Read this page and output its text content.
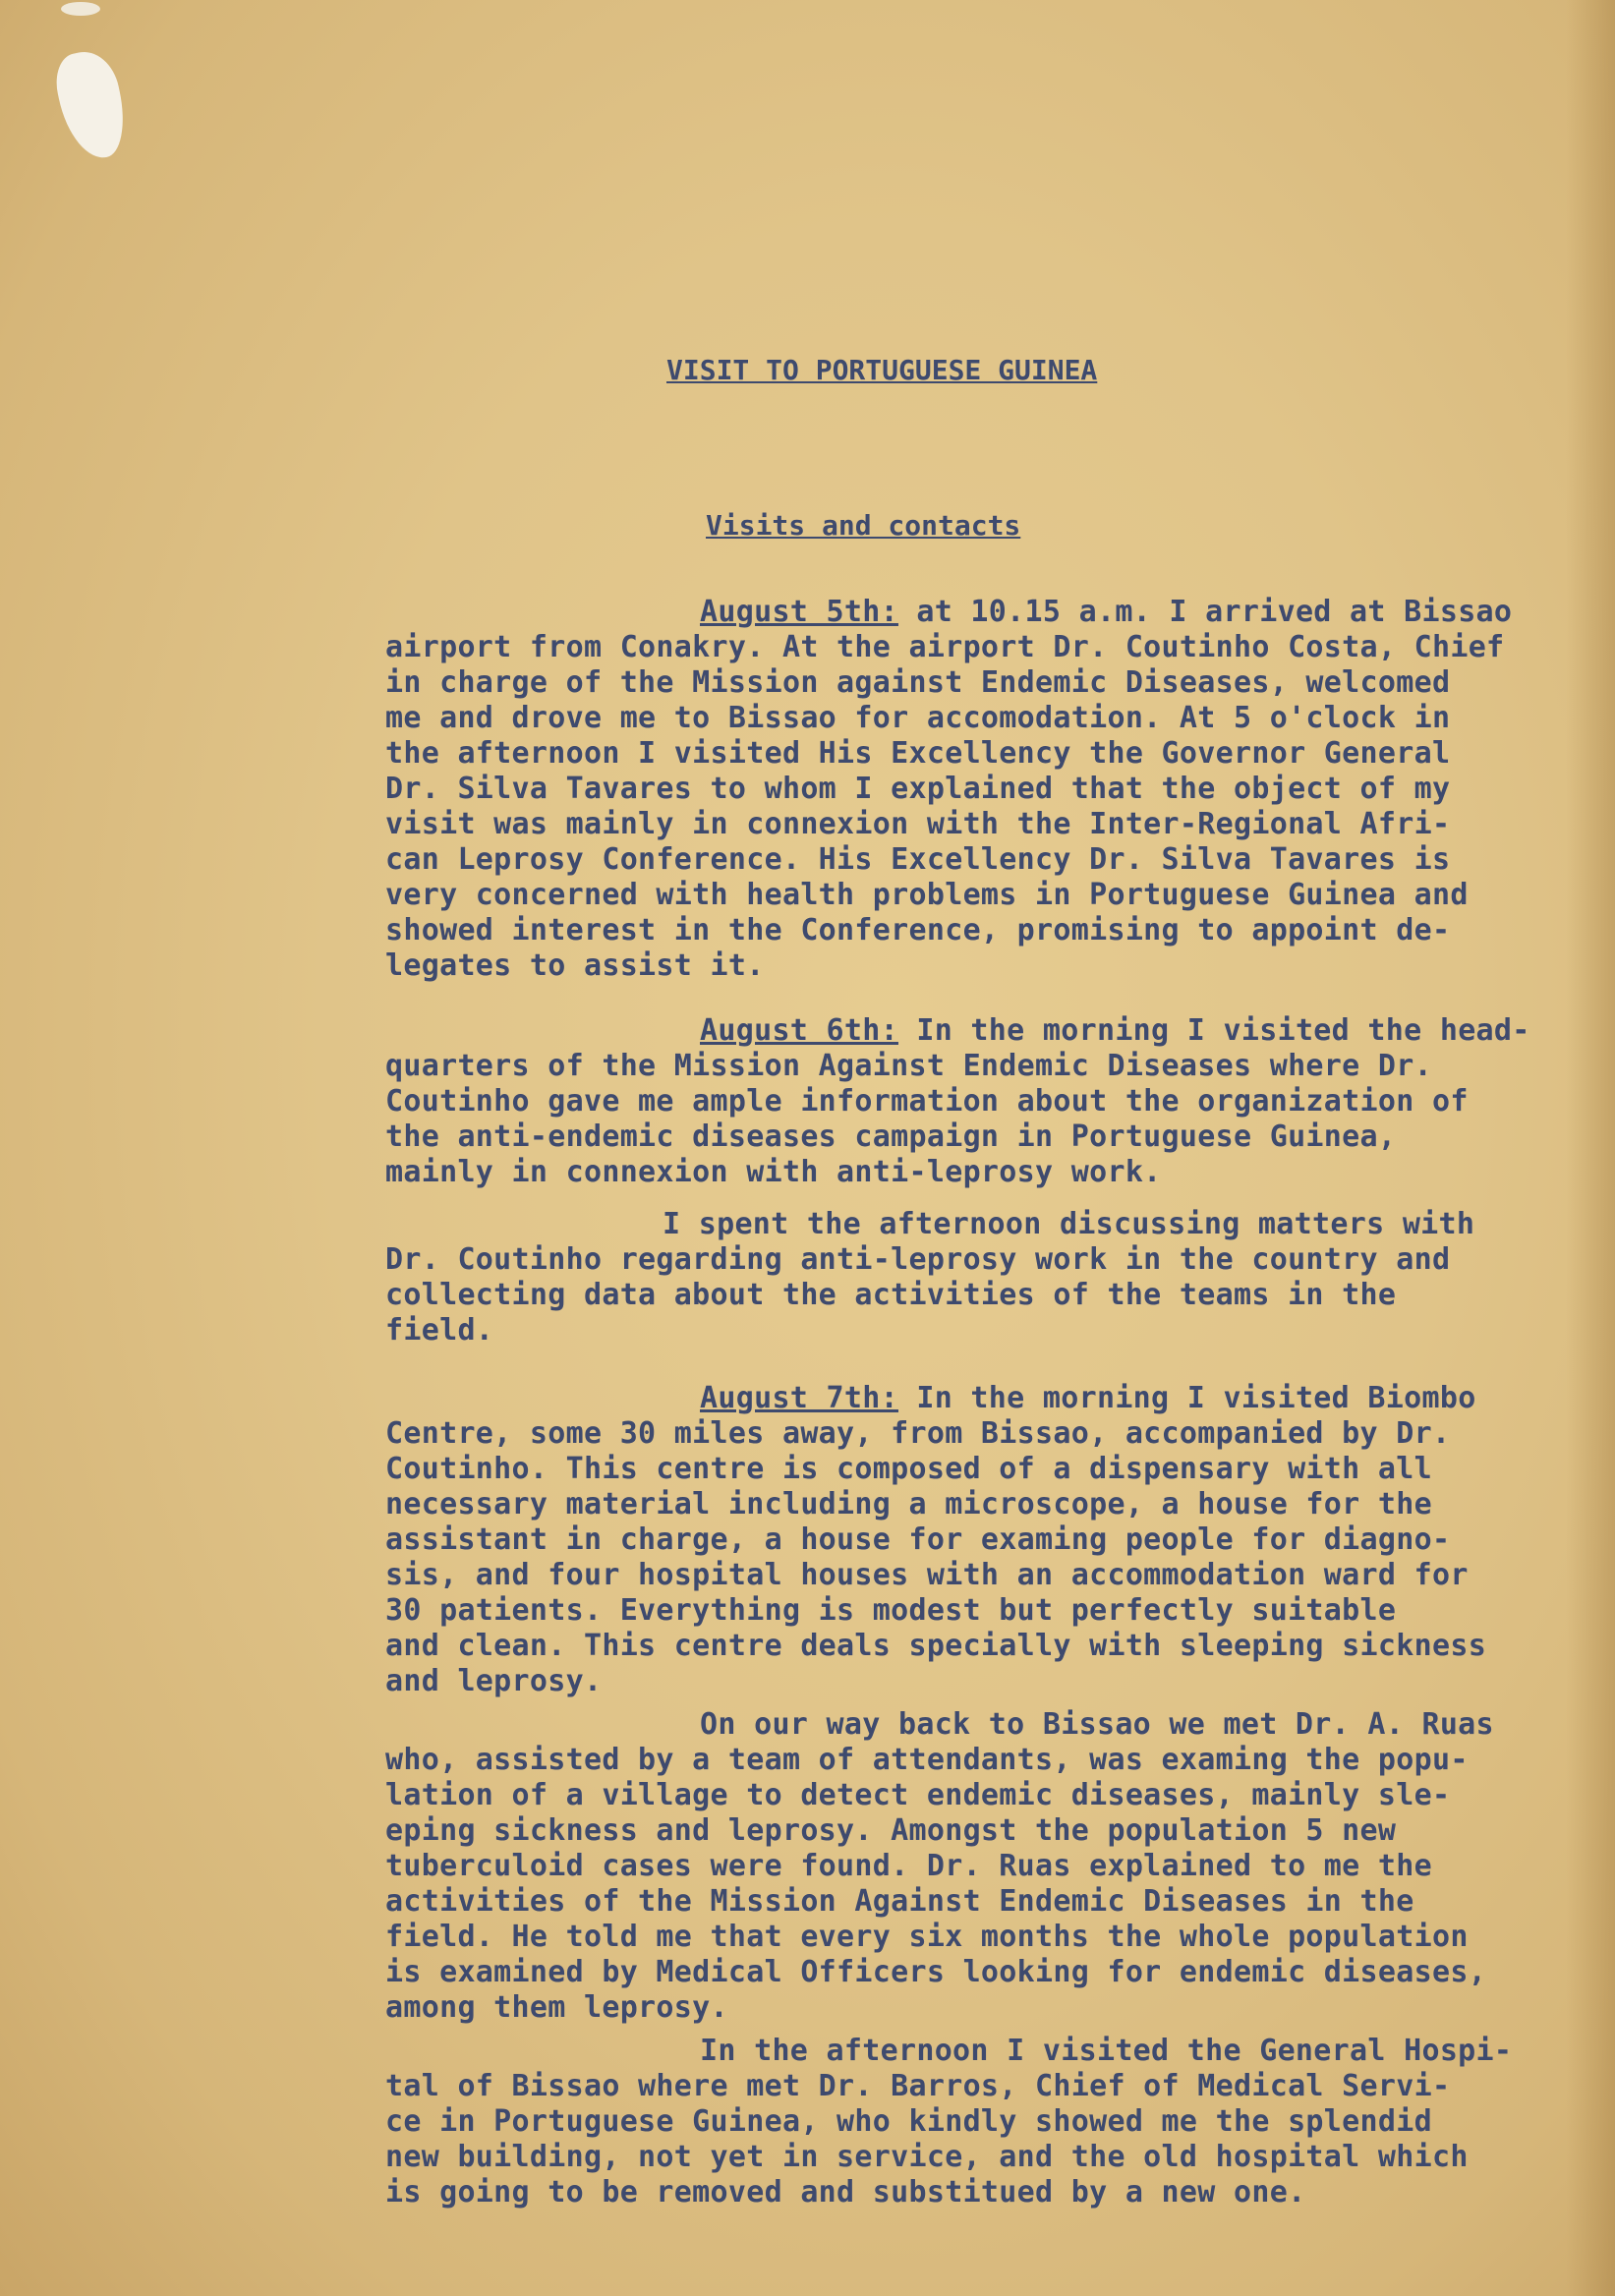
VISIT TO PORTUGUESE GUINEA
Visits and contacts
August 5th: at 10.15 a.m. I arrived at Bissao
airport from Conakry. At the airport Dr. Coutinho Costa, Chief
in charge of the Mission against Endemic Diseases, welcomed
me and drove me to Bissao for accomodation. At 5 o'clock in
the afternoon I visited His Excellency the Governor General
Dr. Silva Tavares to whom I explained that the object of my
visit was mainly in connexion with the Inter-Regional Afri-
can Leprosy Conference. His Excellency Dr. Silva Tavares is
very concerned with health problems in Portuguese Guinea and
showed interest in the Conference, promising to appoint de-
legates to assist it.
August 6th: In the morning I visited the head-
quarters of the Mission Against Endemic Diseases where Dr.
Coutinho gave me ample information about the organization of
the anti-endemic diseases campaign in Portuguese Guinea,
mainly in connexion with anti-leprosy work.
I spent the afternoon discussing matters with
Dr. Coutinho regarding anti-leprosy work in the country and
collecting data about the activities of the teams in the
field.
August 7th: In the morning I visited Biombo
Centre, some 30 miles away, from Bissao, accompanied by Dr.
Coutinho. This centre is composed of a dispensary with all
necessary material including a microscope, a house for the
assistant in charge, a house for examing people for diagno-
sis, and four hospital houses with an accommodation ward for
30 patients. Everything is modest but perfectly suitable
and clean. This centre deals specially with sleeping sickness
and leprosy.
On our way back to Bissao we met Dr. A. Ruas
who, assisted by a team of attendants, was examing the popu-
lation of a village to detect endemic diseases, mainly sle-
eping sickness and leprosy. Amongst the population 5 new
tuberculoid cases were found. Dr. Ruas explained to me the
activities of the Mission Against Endemic Diseases in the
field. He told me that every six months the whole population
is examined by Medical Officers looking for endemic diseases,
among them leprosy.
In the afternoon I visited the General Hospi-
tal of Bissao where met Dr. Barros, Chief of Medical Servi-
ce in Portuguese Guinea, who kindly showed me the splendid
new building, not yet in service, and the old hospital which
is going to be removed and substitued by a new one.
